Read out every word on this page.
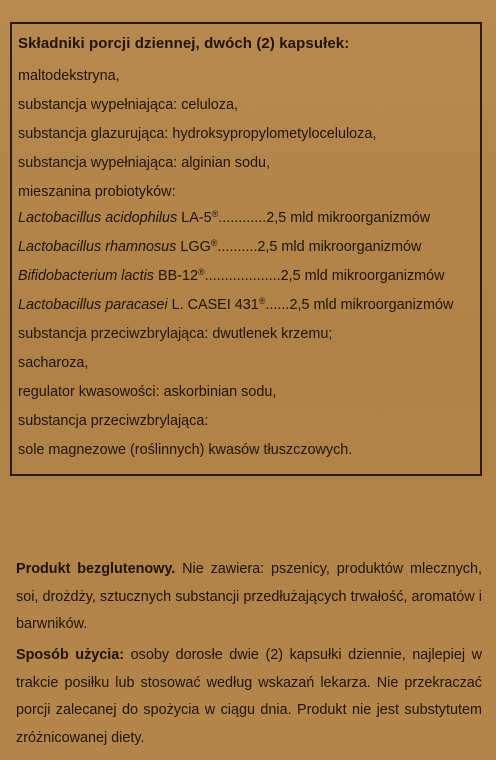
Składniki porcji dziennej, dwóch (2) kapsułek:
maltodekstryna,
substancja wypełniająca: celuloza,
substancja glazurująca: hydroksypropylometyloceluloza,
substancja wypełniająca: alginian sodu,
mieszanina probiotyków:
Lactobacillus acidophilus LA-5®............2,5 mld mikroorganizmów
Lactobacillus rhamnosus LGG®..........2,5 mld mikroorganizmów
Bifidobacterium lactis BB-12®...................2,5 mld mikroorganizmów
Lactobacillus paracasei L. CASEI 431®......2,5 mld mikroorganizmów
substancja przeciwzbrylająca: dwutlenek krzemu;
sacharoza,
regulator kwasowości: askorbinian sodu,
substancja przeciwzbrylająca:
sole magnezowe (roślinnych) kwasów tłuszczowych.
Produkt bezglutenowy. Nie zawiera: pszenicy, produktów mlecznych, soi, drożdży, sztucznych substancji przedłużających trwałość, aromatów i barwników.
Sposób użycia: osoby dorosłe dwie (2) kapsułki dziennie, najlepiej w trakcie posiłku lub stosować według wskazań lekarza. Nie przekraczać porcji zalecanej do spożycia w ciągu dnia. Produkt nie jest substytutem zróżnicowanej diety.
